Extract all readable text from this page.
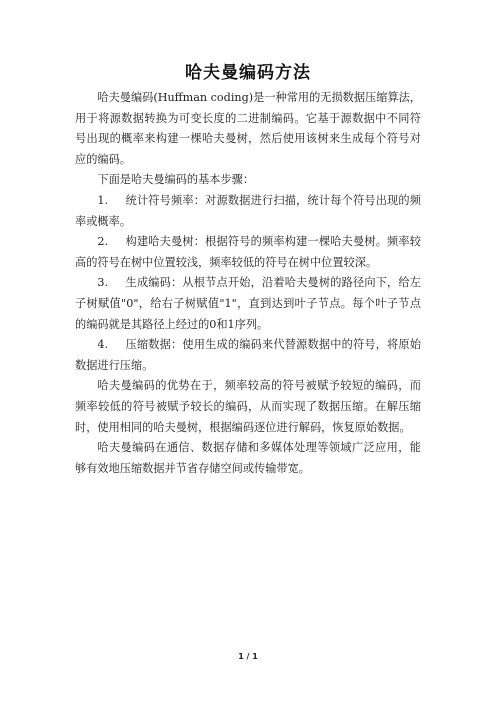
哈夫曼编码方法

哈夫曼编码(Huffman coding)是一种常用的无损数据压缩算法，用于将源数据转换为可变长度的二进制编码。它基于源数据中不同符号出现的概率来构建一棵哈夫曼树，然后使用该树来生成每个符号对应的编码。

下面是哈夫曼编码的基本步骤：

1. 统计符号频率：对源数据进行扫描，统计每个符号出现的频率或概率。

2. 构建哈夫曼树：根据符号的频率构建一棵哈夫曼树。频率较高的符号在树中位置较浅，频率较低的符号在树中位置较深。

3. 生成编码：从根节点开始，沿着哈夫曼树的路径向下，给左子树赋值"0"，给右子树赋值"1"，直到达到叶子节点。每个叶子节点的编码就是其路径上经过的0和1序列。

4. 压缩数据：使用生成的编码来代替源数据中的符号，将原始数据进行压缩。

哈夫曼编码的优势在于，频率较高的符号被赋予较短的编码，而频率较低的符号被赋予较长的编码，从而实现了数据压缩。在解压缩时，使用相同的哈夫曼树，根据编码逐位进行解码，恢复原始数据。

哈夫曼编码在通信、数据存储和多媒体处理等领域广泛应用，能够有效地压缩数据并节省存储空间或传输带宽。

1 / 1
